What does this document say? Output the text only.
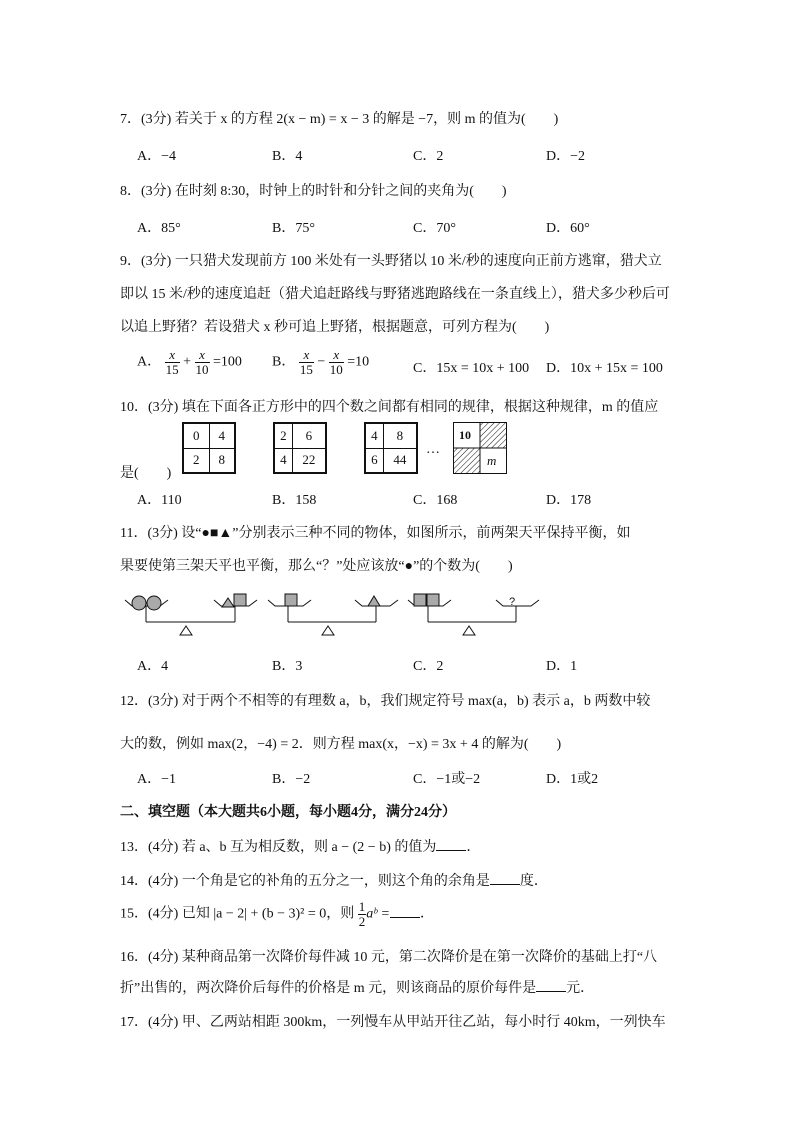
7．(3分) 若关于 x 的方程 2(x − m) = x − 3 的解是 −7，则 m 的值为(　　)
A．−4	B．4	C．2	D．−2
8．(3分) 在时刻 8:30，时钟上的时针和分针之间的夹角为(　　)
A．85°	B．75°	C．70°	D．60°
9．(3分) 一只猎犬发现前方 100 米处有一头野猪以 10 米/秒的速度向正前方逃窜，猎犬立
即以 15 米/秒的速度追赶（猎犬追赶路线与野猪逃跑路线在一条直线上），猎犬多少秒后可
以追上野猪？若设猎犬 x 秒可追上野猪，根据题意，可列方程为(　　)
A． $\frac{x}{15} + \frac{x}{10} =100$ B． $\frac{x}{15} - \frac{x}{10} =10$	C．15x = 10x + 100 D．10x + 15x = 100
10．(3分) 填在下面各正方形中的四个数之间都有相同的规律，根据这种规律，m 的值应
是(　　)
0	4
2	8
2	6
4	22
4	8
6	44
…
10
m
A．110	B．158	C．168	D．178
11．(3分) 设“●■▲”分别表示三种不同的物体，如图所示，前两架天平保持平衡，如
果要使第三架天平也平衡，那么“？”处应该放“●”的个数为(　　)
?
A．4	B．3	C．2	D．1
12．(3分) 对于两个不相等的有理数 a，b，我们规定符号 max(a，b) 表示 a，b 两数中较
大的数，例如 max(2，−4) = 2．则方程 max(x，−x) = 3x + 4 的解为(　　)
A．−1	B．−2	C．−1或−2	D．1或2
二、填空题（本大题共6小题，每小题4分，满分24分）
13．(4分) 若 a、b 互为相反数，则 a − (2 − b) 的值为 ．
14．(4分) 一个角是它的补角的五分之一，则这个角的余角是 度．
15．(4分) 已知 |a − 2| + (b − 3)² = 0，则 $\frac{1}{2}$ aᵇ = ．
16．(4分) 某种商品第一次降价每件减 10 元，第二次降价是在第一次降价的基础上打“八
折”出售的，两次降价后每件的价格是 m 元，则该商品的原价每件是 元．
17．(4分) 甲、乙两站相距 300km，一列慢车从甲站开往乙站，每小时行 40km，一列快车
